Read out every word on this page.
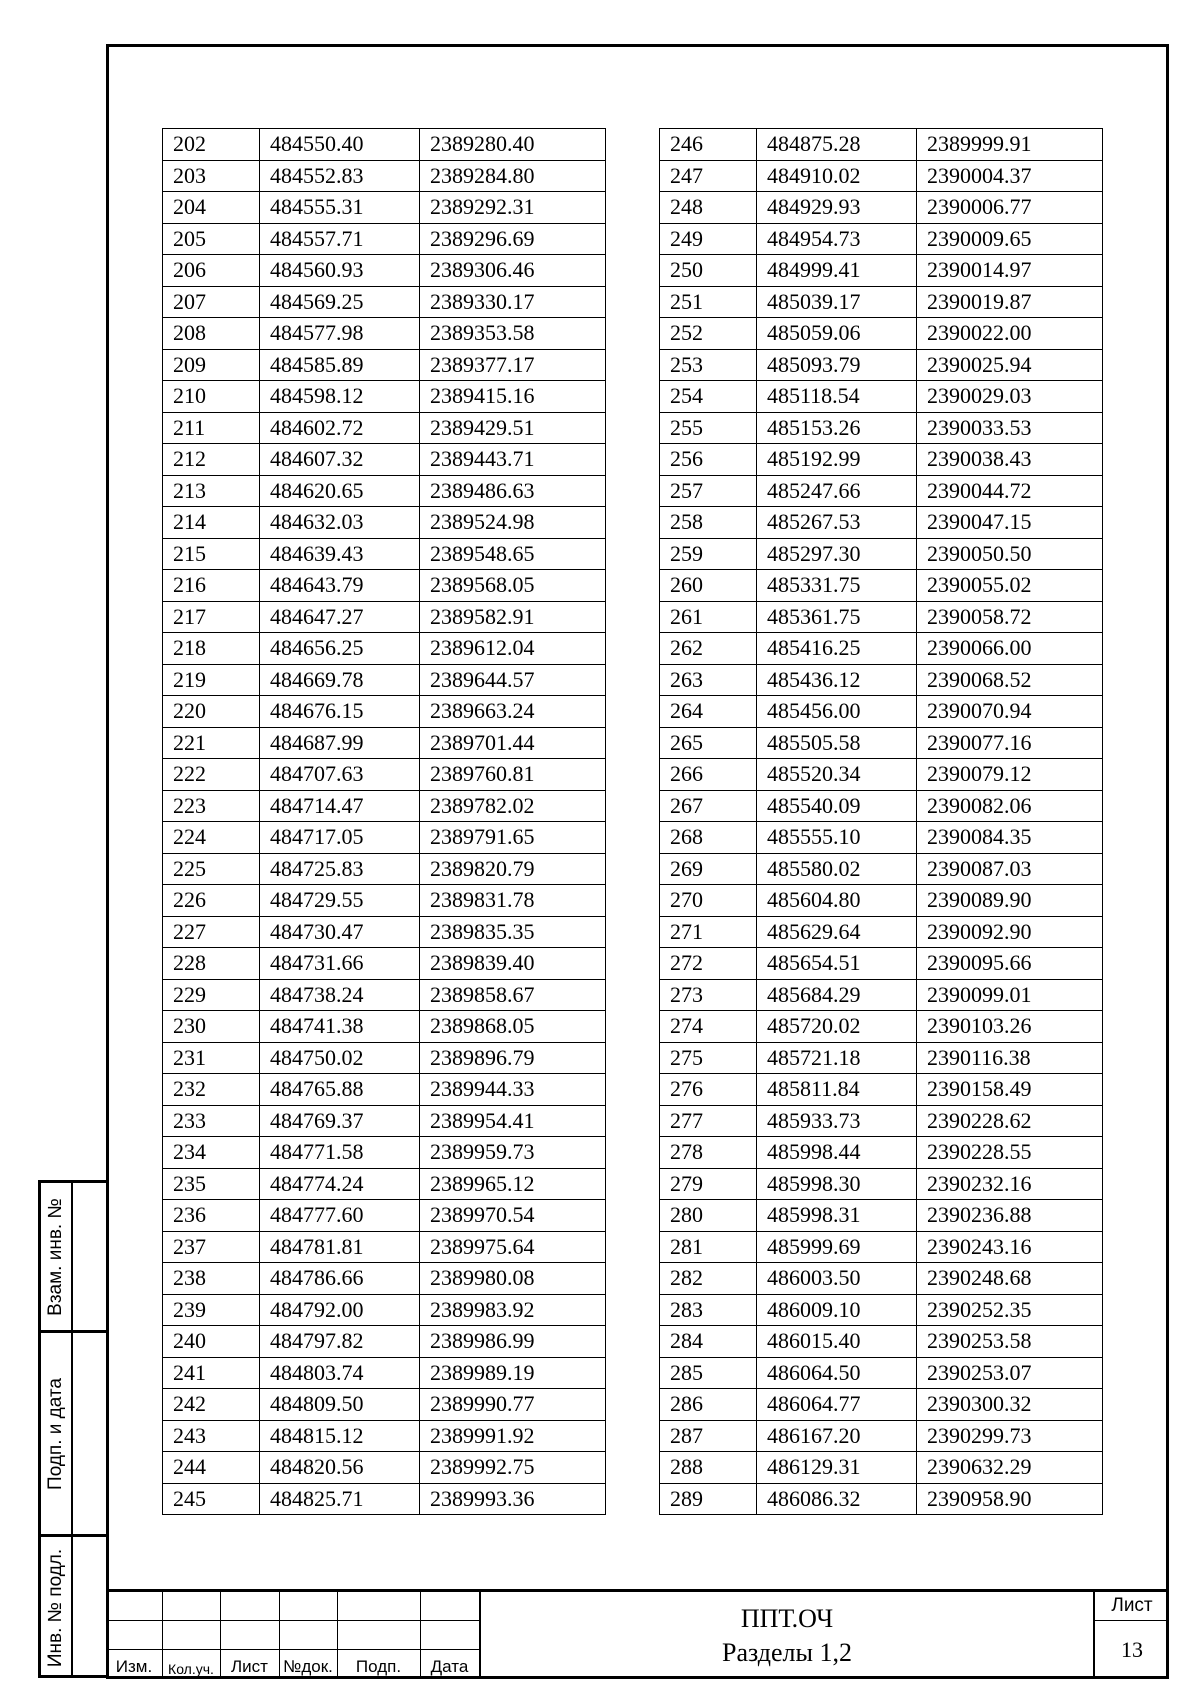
202	484550.40	2389280.40
203	484552.83	2389284.80
204	484555.31	2389292.31
205	484557.71	2389296.69
206	484560.93	2389306.46
207	484569.25	2389330.17
208	484577.98	2389353.58
209	484585.89	2389377.17
210	484598.12	2389415.16
211	484602.72	2389429.51
212	484607.32	2389443.71
213	484620.65	2389486.63
214	484632.03	2389524.98
215	484639.43	2389548.65
216	484643.79	2389568.05
217	484647.27	2389582.91
218	484656.25	2389612.04
219	484669.78	2389644.57
220	484676.15	2389663.24
221	484687.99	2389701.44
222	484707.63	2389760.81
223	484714.47	2389782.02
224	484717.05	2389791.65
225	484725.83	2389820.79
226	484729.55	2389831.78
227	484730.47	2389835.35
228	484731.66	2389839.40
229	484738.24	2389858.67
230	484741.38	2389868.05
231	484750.02	2389896.79
232	484765.88	2389944.33
233	484769.37	2389954.41
234	484771.58	2389959.73
235	484774.24	2389965.12
236	484777.60	2389970.54
237	484781.81	2389975.64
238	484786.66	2389980.08
239	484792.00	2389983.92
240	484797.82	2389986.99
241	484803.74	2389989.19
242	484809.50	2389990.77
243	484815.12	2389991.92
244	484820.56	2389992.75
245	484825.71	2389993.36
246	484875.28	2389999.91
247	484910.02	2390004.37
248	484929.93	2390006.77
249	484954.73	2390009.65
250	484999.41	2390014.97
251	485039.17	2390019.87
252	485059.06	2390022.00
253	485093.79	2390025.94
254	485118.54	2390029.03
255	485153.26	2390033.53
256	485192.99	2390038.43
257	485247.66	2390044.72
258	485267.53	2390047.15
259	485297.30	2390050.50
260	485331.75	2390055.02
261	485361.75	2390058.72
262	485416.25	2390066.00
263	485436.12	2390068.52
264	485456.00	2390070.94
265	485505.58	2390077.16
266	485520.34	2390079.12
267	485540.09	2390082.06
268	485555.10	2390084.35
269	485580.02	2390087.03
270	485604.80	2390089.90
271	485629.64	2390092.90
272	485654.51	2390095.66
273	485684.29	2390099.01
274	485720.02	2390103.26
275	485721.18	2390116.38
276	485811.84	2390158.49
277	485933.73	2390228.62
278	485998.44	2390228.55
279	485998.30	2390232.16
280	485998.31	2390236.88
281	485999.69	2390243.16
282	486003.50	2390248.68
283	486009.10	2390252.35
284	486015.40	2390253.58
285	486064.50	2390253.07
286	486064.77	2390300.32
287	486167.20	2390299.73
288	486129.31	2390632.29
289	486086.32	2390958.90
Взам. инв. №
Подп. и дата
Инв. № подл.	Изм.	Кол.уч.	Лист №док.	Подп.	Дата
ППТ.ОЧ
Разделы 1,2
Лист
13
